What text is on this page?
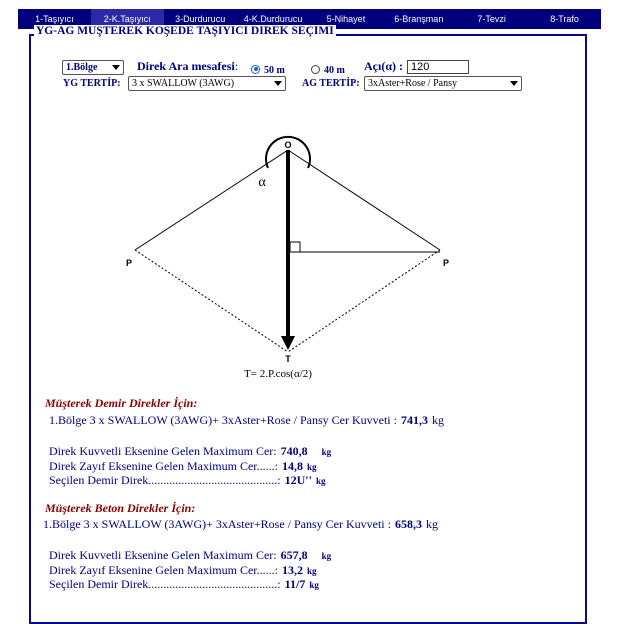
1-Taşıyıcı	2-K.Taşıyıcı	3-Durdurucu	4-K.Durdurucu	5-Nihayet	6-Branşman	7-Tevzi	8-Trafo
YG-AG MUŞTEREK KOŞEDE TAŞIYICI DIREK SEÇIMI
1.Bölge	Direk Ara mesafesi:	50 m	40 m Açı(α) : 120
YG TERTİP: 3 x SWALLOW (3AWG)	AG TERTİP: 3xAster+Rose / Pansy
O
P	P
T
α
T= 2.P.cos(α/2)
Müşterek Demir Direkler İçin:
1.Bölge 3 x SWALLOW (3AWG)+ 3xAster+Rose / Pansy Cer Kuvveti : 741,3 kg
Direk Kuvvetli Eksenine Gelen Maximum Cer: 740,8 kg
Direk Zayıf Eksenine Gelen Maximum Cer......: 14,8 kg
Seçilen Demir Direk...........................................: 12U'' kg
Müşterek Beton Direkler İçin:
1.Bölge 3 x SWALLOW (3AWG)+ 3xAster+Rose / Pansy Cer Kuvveti : 658,3 kg
Direk Kuvvetli Eksenine Gelen Maximum Cer: 657,8 kg
Direk Zayıf Eksenine Gelen Maximum Cer......: 13,2 kg
Seçilen Demir Direk...........................................: 11/7 kg
